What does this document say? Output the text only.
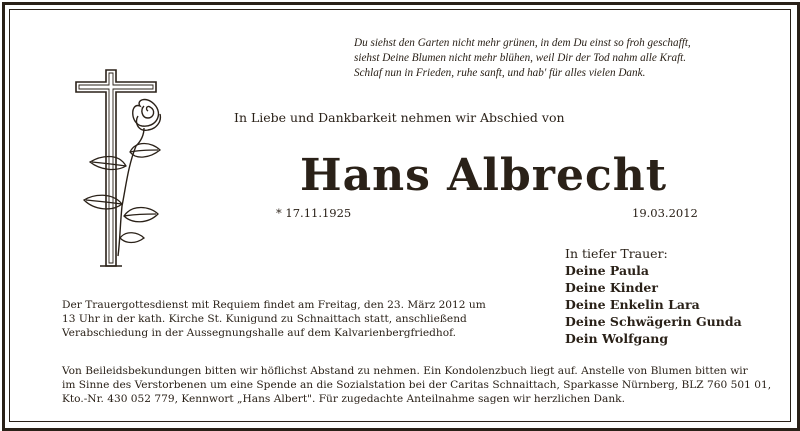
Du siehst den Garten nicht mehr grünen, in dem Du einst so froh geschafft,
siehst Deine Blumen nicht mehr blühen, weil Dir der Tod nahm alle Kraft.
Schlaf nun in Frieden, ruhe sanft, und hab' für alles vielen Dank.
In Liebe und Dankbarkeit nehmen wir Abschied von
Hans Albrecht
* 17.11.1925	19.03.2012
In tiefer Trauer:
Deine Paula
Deine Kinder
Deine Enkelin Lara
Deine Schwägerin Gunda
Dein Wolfgang
Der Trauergottesdienst mit Requiem findet am Freitag, den 23. März 2012 um
13 Uhr in der kath. Kirche St. Kunigund zu Schnaittach statt, anschließend
Verabschiedung in der Aussegnungshalle auf dem Kalvarienbergfriedhof.
Von Beileidsbekundungen bitten wir höflichst Abstand zu nehmen. Ein Kondolenzbuch liegt auf. Anstelle von Blumen bitten wir
im Sinne des Verstorbenen um eine Spende an die Sozialstation bei der Caritas Schnaittach, Sparkasse Nürnberg, BLZ 760 501 01,
Kto.-Nr. 430 052 779, Kennwort „Hans Albert". Für zugedachte Anteilnahme sagen wir herzlichen Dank.
